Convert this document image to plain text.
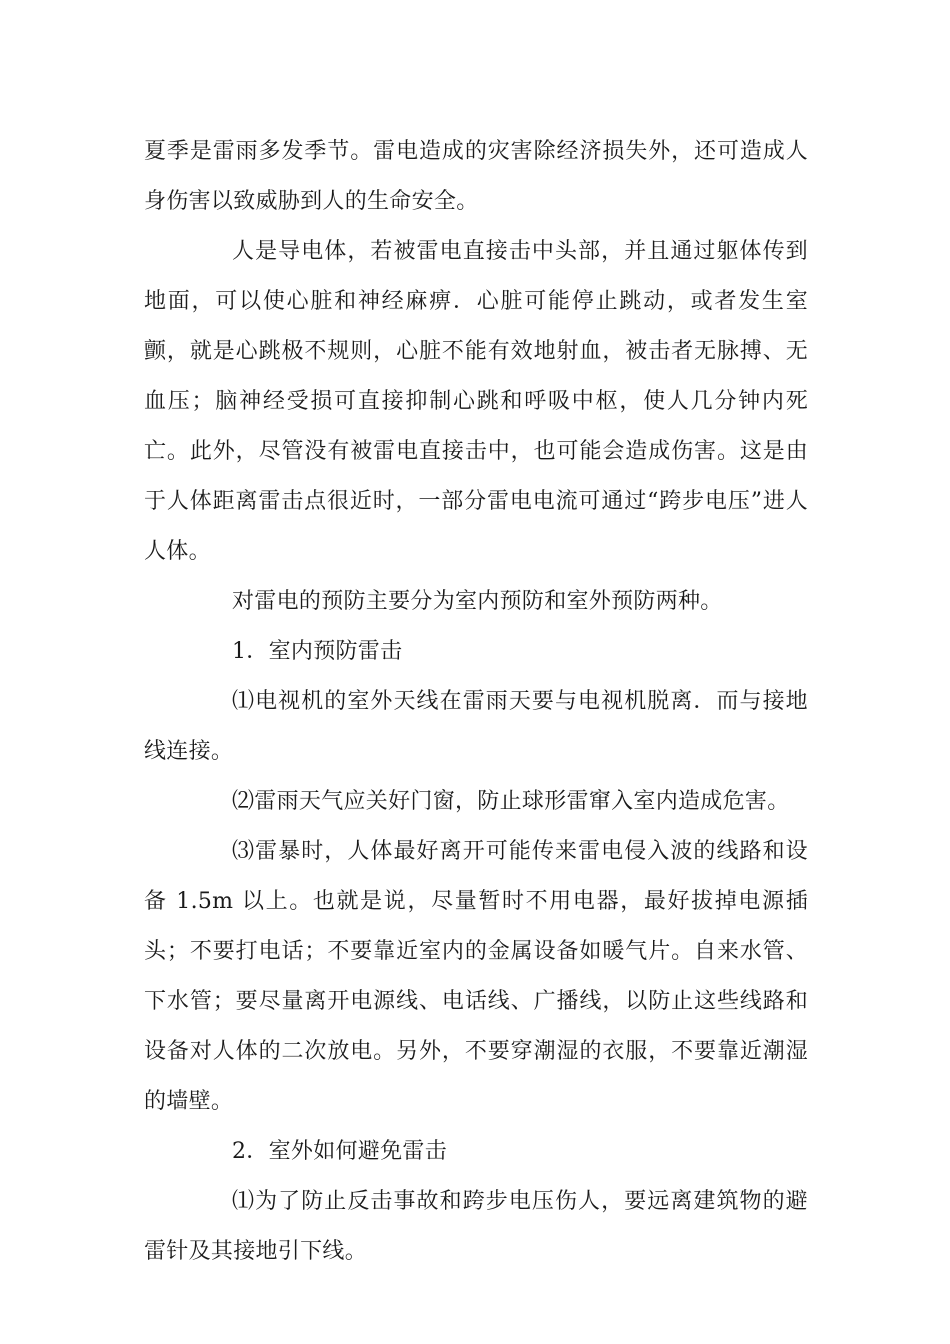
夏季是雷雨多发季节。雷电造成的灾害除经济损失外，还可造成人身伤害以致威胁到人的生命安全。

人是导电体，若被雷电直接击中头部，并且通过躯体传到地面，可以使心脏和神经麻痹．心脏可能停止跳动，或者发生室颤，就是心跳极不规则，心脏不能有效地射血，被击者无脉搏、无血压；脑神经受损可直接抑制心跳和呼吸中枢，使人几分钟内死亡。此外，尽管没有被雷电直接击中，也可能会造成伤害。这是由于人体距离雷击点很近时，一部分雷电电流可通过“跨步电压”进人人体。

对雷电的预防主要分为室内预防和室外预防两种。

1．室内预防雷击

⑴电视机的室外天线在雷雨天要与电视机脱离．而与接地线连接。

⑵雷雨天气应关好门窗，防止球形雷窜入室内造成危害。

⑶雷暴时，人体最好离开可能传来雷电侵入波的线路和设备 1.5m 以上。也就是说，尽量暂时不用电器，最好拔掉电源插头；不要打电话；不要靠近室内的金属设备如暖气片。自来水管、下水管；要尽量离开电源线、电话线、广播线，以防止这些线路和设备对人体的二次放电。另外，不要穿潮湿的衣服，不要靠近潮湿的墙壁。

2．室外如何避免雷击

⑴为了防止反击事故和跨步电压伤人，要远离建筑物的避雷针及其接地引下线。
